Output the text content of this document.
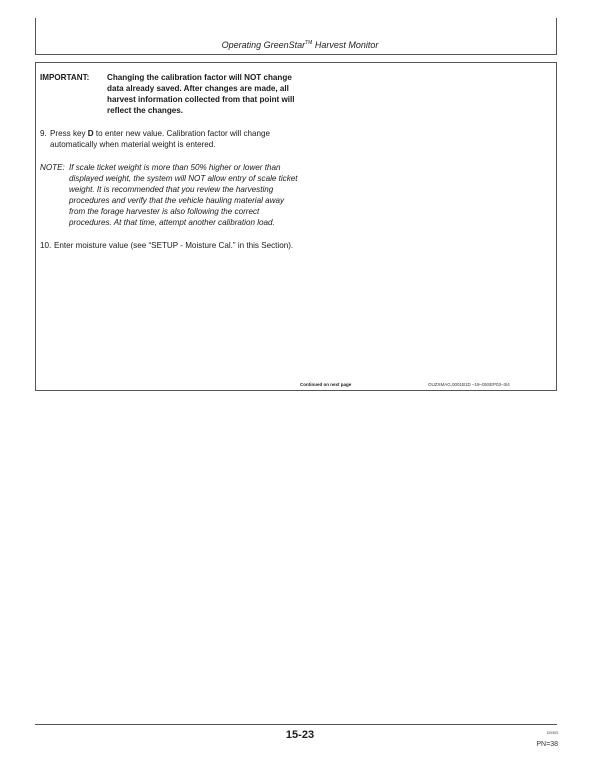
Operating GreenStar™ Harvest Monitor
IMPORTANT:	Changing the calibration factor will NOT change data already saved. After changes are made, all harvest information collected from that point will reflect the changes.
9. Press key D to enter new value. Calibration factor will change automatically when material weight is entered.
NOTE: If scale ticket weight is more than 50% higher or lower than displayed weight, the system will NOT allow entry of scale ticket weight. It is recommended that you review the harvesting procedures and verify that the vehicle hauling material away from the forage harvester is also following the correct procedures. At that time, attempt another calibration load.
10. Enter moisture value (see “SETUP - Moisture Cal.” in this Section).
Continued on next page	OUZXMAG,0001B1D –19–05SEP03–3/4
15-23	120303
PN=38
